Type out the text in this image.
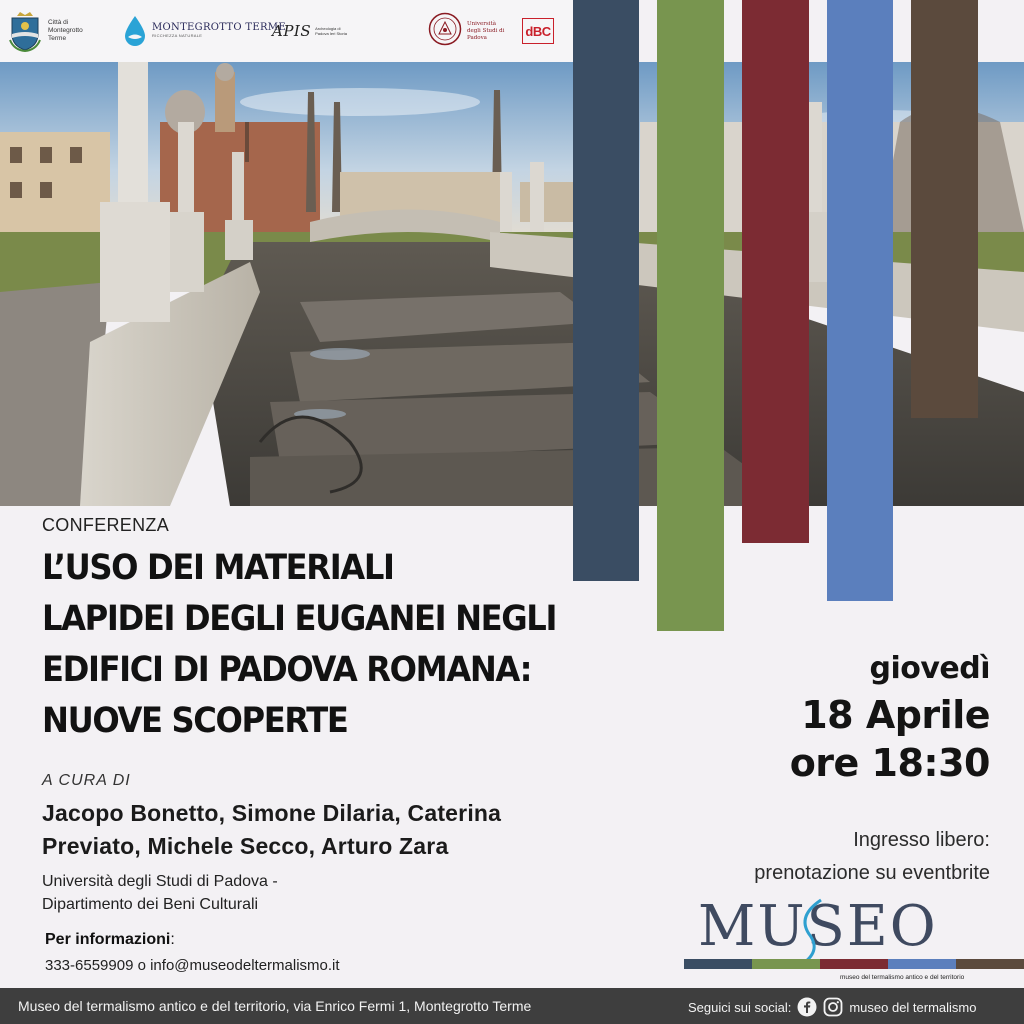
Città di Montegrotto Terme
MONTEGROTTO TERME
RICCHEZZA NATURALE	APIS Archeologia di Padova Ieri Storia
Università degli Studi di Padova	dBC
CONFERENZA
L’USO DEI MATERIALI
LAPIDEI DEGLI EUGANEI NEGLI
EDIFICI DI PADOVA ROMANA:
NUOVE SCOPERTE
A CURA DI
Jacopo Bonetto, Simone Dilaria, Caterina
Previato, Michele Secco, Arturo Zara
Università degli Studi di Padova -
Dipartimento dei Beni Culturali
Per informazioni:
333-6559909 o info@museodeltermalismo.it
giovedì
18 Aprile
ore 18:30
Ingresso libero:
prenotazione su eventbrite
MUSEO
museo del termalismo antico e del territorio
Museo del termalismo antico e del territorio, via Enrico Fermi 1, Montegrotto Terme	Seguici sui social:	museo del termalismo
